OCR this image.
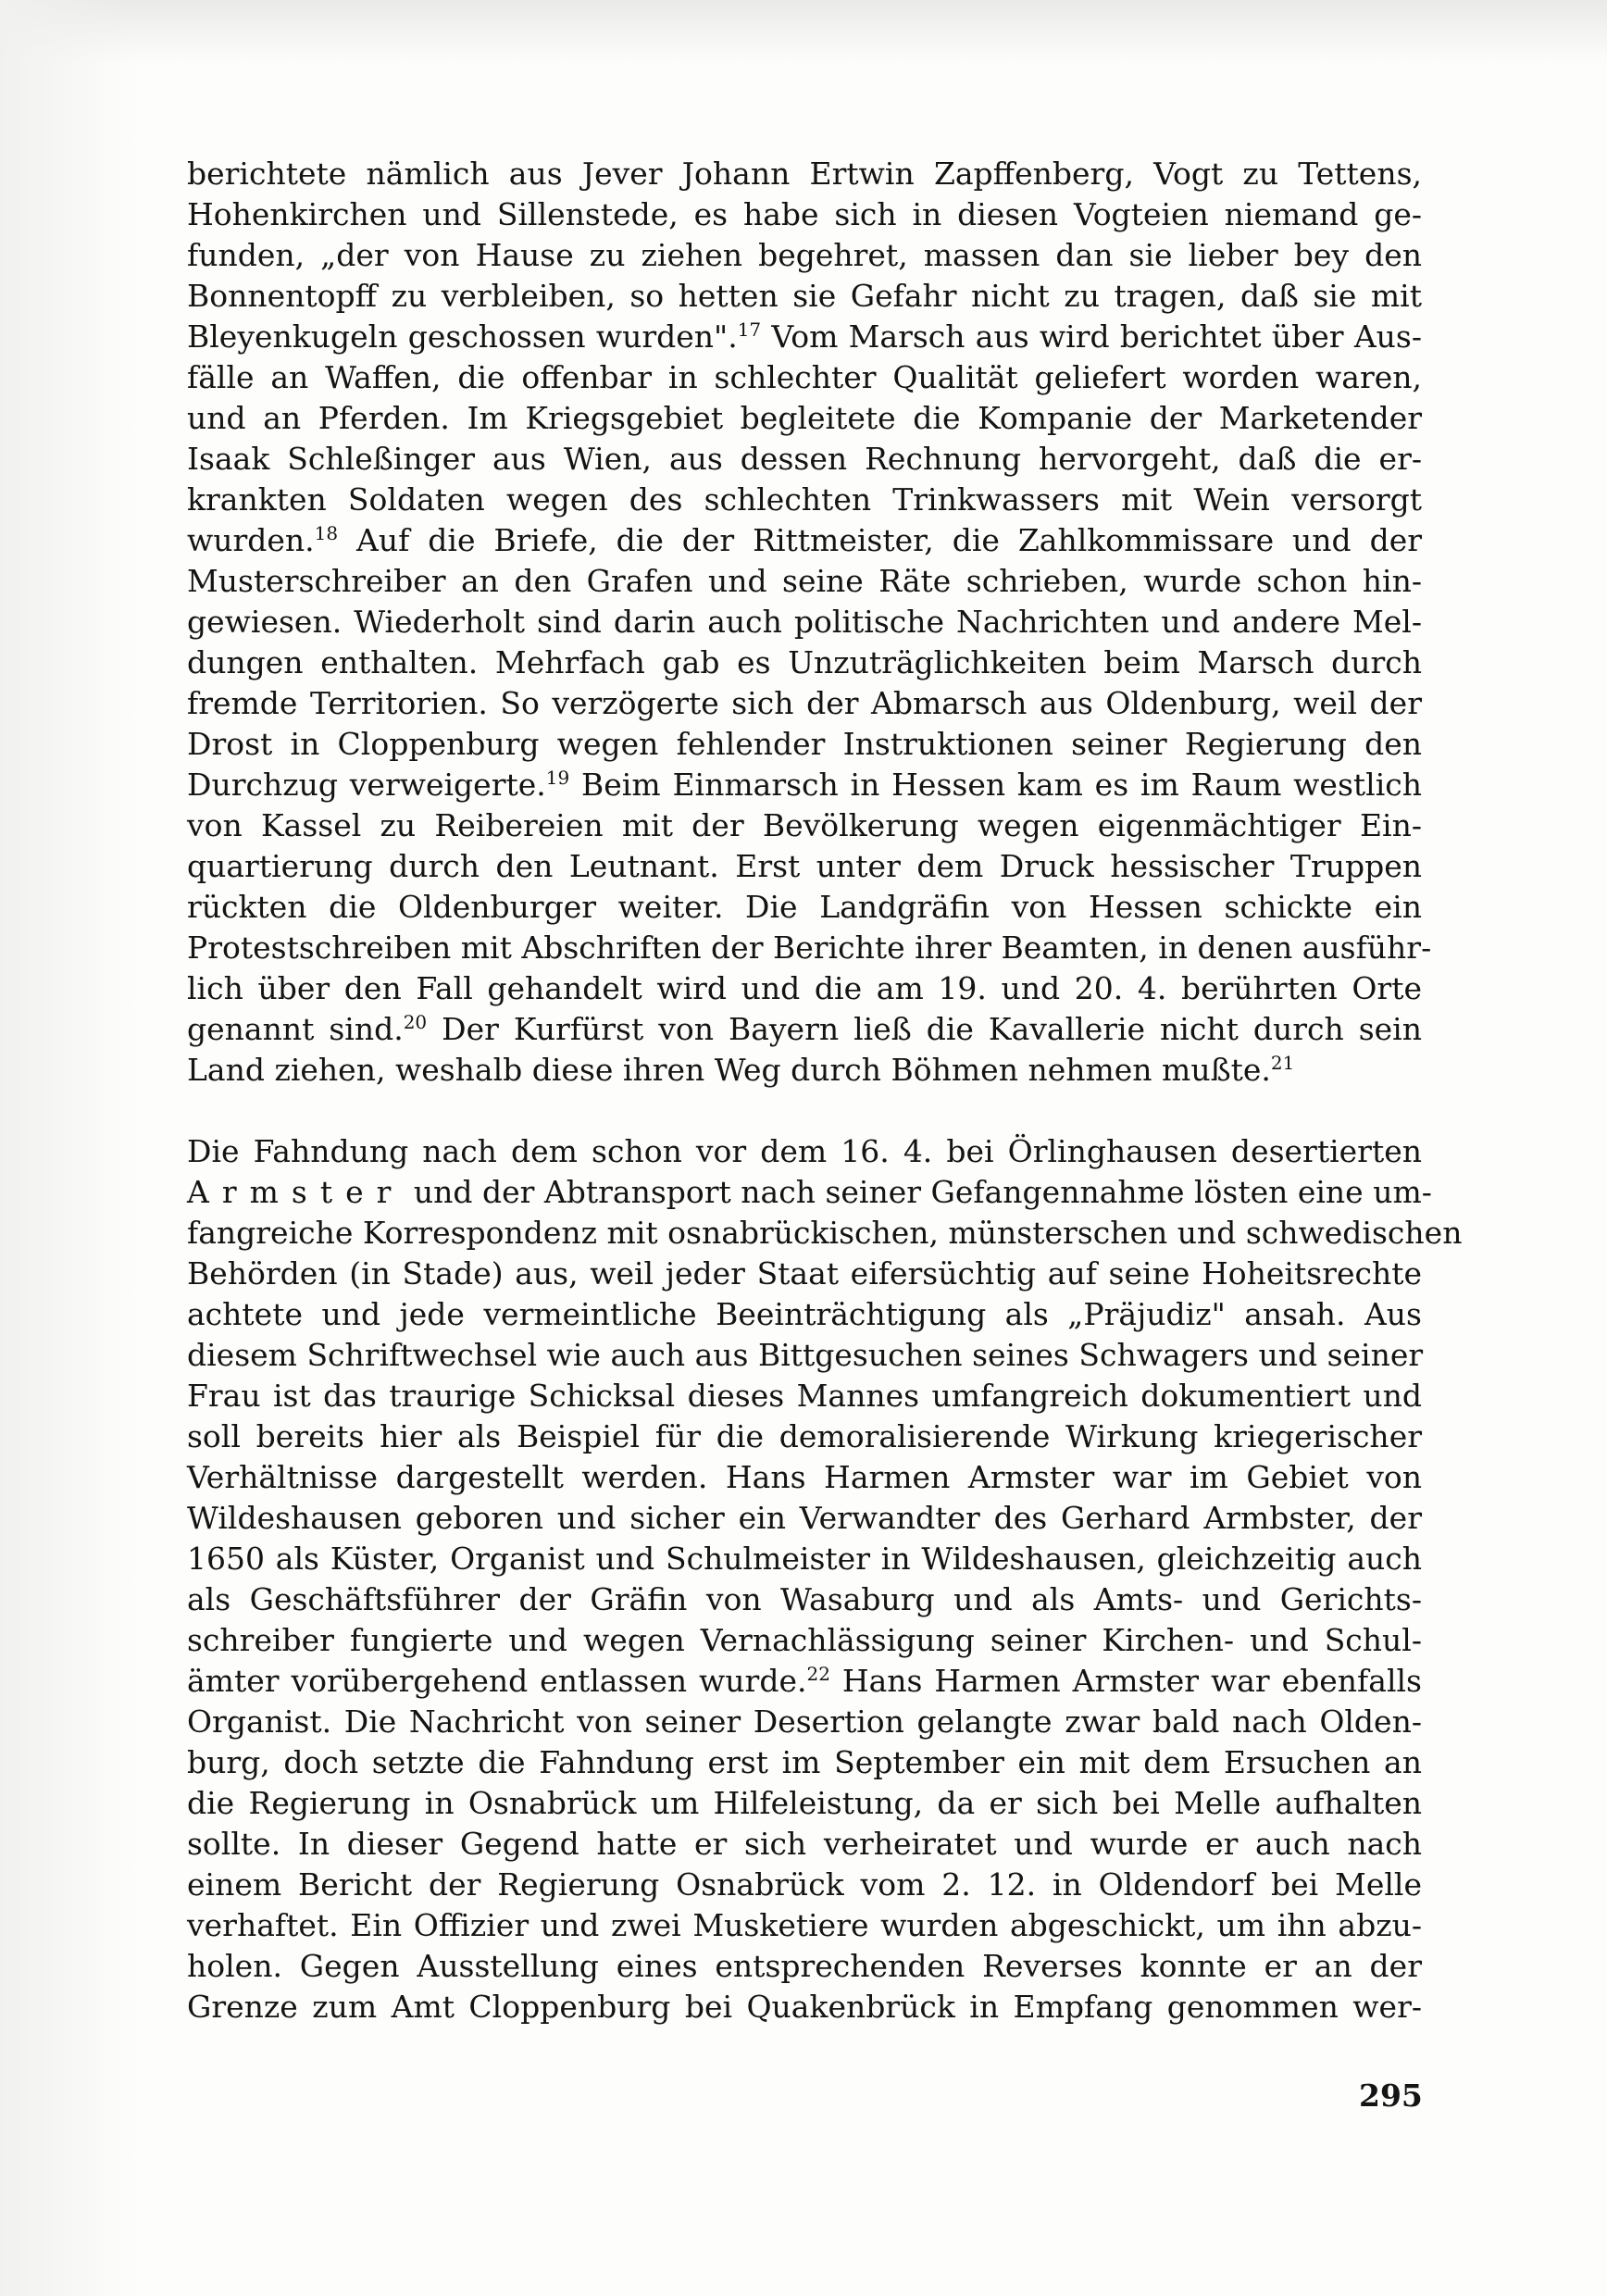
berichtete nämlich aus Jever Johann Ertwin Zapffenberg, Vogt zu Tettens,
Hohenkirchen und Sillenstede, es habe sich in diesen Vogteien niemand ge-
funden, „der von Hause zu ziehen begehret, massen dan sie lieber bey den
Bonnentopff zu verbleiben, so hetten sie Gefahr nicht zu tragen, daß sie mit
Bleyenkugeln geschossen wurden".$^{17}$ Vom Marsch aus wird berichtet über Aus-
fälle an Waffen, die offenbar in schlechter Qualität geliefert worden waren,
und an Pferden. Im Kriegsgebiet begleitete die Kompanie der Marketender
Isaak Schleßinger aus Wien, aus dessen Rechnung hervorgeht, daß die er-
krankten Soldaten wegen des schlechten Trinkwassers mit Wein versorgt
wurden.$^{18}$ Auf die Briefe, die der Rittmeister, die Zahlkommissare und der
Musterschreiber an den Grafen und seine Räte schrieben, wurde schon hin-
gewiesen. Wiederholt sind darin auch politische Nachrichten und andere Mel-
dungen enthalten. Mehrfach gab es Unzuträglichkeiten beim Marsch durch
fremde Territorien. So verzögerte sich der Abmarsch aus Oldenburg, weil der
Drost in Cloppenburg wegen fehlender Instruktionen seiner Regierung den
Durchzug verweigerte.$^{19}$ Beim Einmarsch in Hessen kam es im Raum westlich
von Kassel zu Reibereien mit der Bevölkerung wegen eigenmächtiger Ein-
quartierung durch den Leutnant. Erst unter dem Druck hessischer Truppen
rückten die Oldenburger weiter. Die Landgräfin von Hessen schickte ein
Protestschreiben mit Abschriften der Berichte ihrer Beamten, in denen ausführ-
lich über den Fall gehandelt wird und die am 19. und 20. 4. berührten Orte
genannt sind.$^{20}$ Der Kurfürst von Bayern ließ die Kavallerie nicht durch sein
Land ziehen, weshalb diese ihren Weg durch Böhmen nehmen mußte.$^{21}$

Die Fahndung nach dem schon vor dem 16. 4. bei Örlinghausen desertierten
Armster und der Abtransport nach seiner Gefangennahme lösten eine um-
fangreiche Korrespondenz mit osnabrückischen, münsterschen und schwedischen
Behörden (in Stade) aus, weil jeder Staat eifersüchtig auf seine Hoheitsrechte
achtete und jede vermeintliche Beeinträchtigung als „Präjudiz" ansah. Aus
diesem Schriftwechsel wie auch aus Bittgesuchen seines Schwagers und seiner
Frau ist das traurige Schicksal dieses Mannes umfangreich dokumentiert und
soll bereits hier als Beispiel für die demoralisierende Wirkung kriegerischer
Verhältnisse dargestellt werden. Hans Harmen Armster war im Gebiet von
Wildeshausen geboren und sicher ein Verwandter des Gerhard Armbster, der
1650 als Küster, Organist und Schulmeister in Wildeshausen, gleichzeitig auch
als Geschäftsführer der Gräfin von Wasaburg und als Amts- und Gerichts-
schreiber fungierte und wegen Vernachlässigung seiner Kirchen- und Schul-
ämter vorübergehend entlassen wurde.$^{22}$ Hans Harmen Armster war ebenfalls
Organist. Die Nachricht von seiner Desertion gelangte zwar bald nach Olden-
burg, doch setzte die Fahndung erst im September ein mit dem Ersuchen an
die Regierung in Osnabrück um Hilfeleistung, da er sich bei Melle aufhalten
sollte. In dieser Gegend hatte er sich verheiratet und wurde er auch nach
einem Bericht der Regierung Osnabrück vom 2. 12. in Oldendorf bei Melle
verhaftet. Ein Offizier und zwei Musketiere wurden abgeschickt, um ihn abzu-
holen. Gegen Ausstellung eines entsprechenden Reverses konnte er an der
Grenze zum Amt Cloppenburg bei Quakenbrück in Empfang genommen wer-

295
